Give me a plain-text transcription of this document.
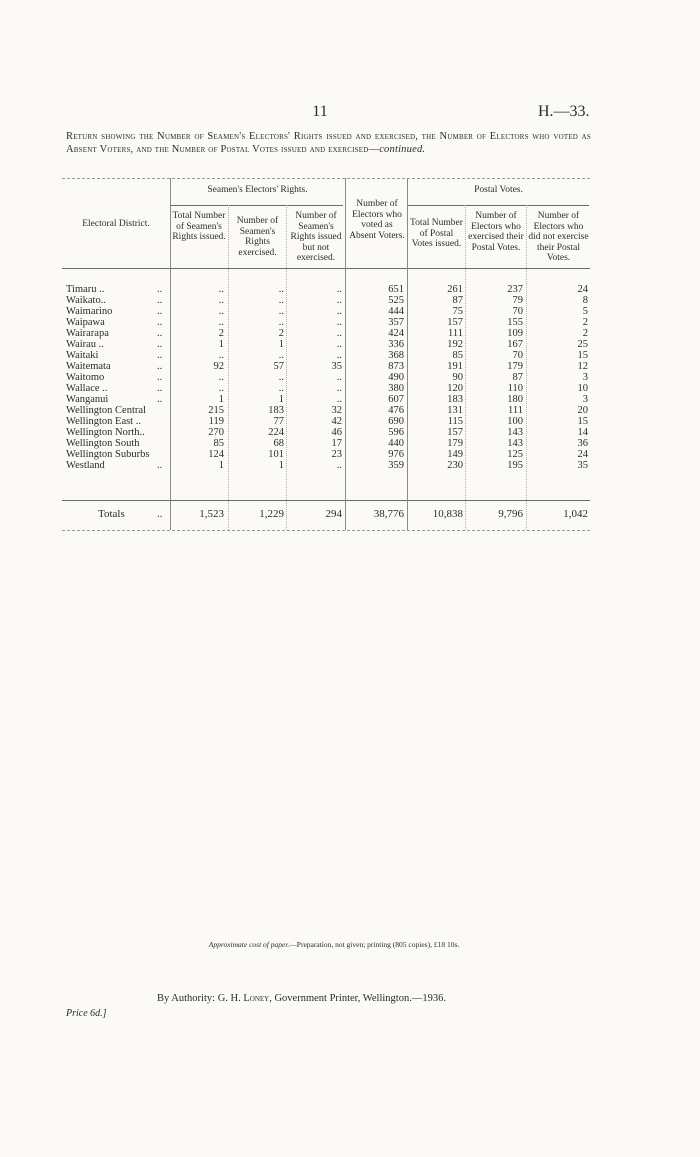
11	H.—33.
Return showing the Number of Seamen's Electors' Rights issued and exercised, the Number of Electors who voted as Absent Voters, and the Number of Postal Votes issued and exercised—continued.
Seamen's Electors' Rights.	Postal Votes.
Electoral District.
Total Number of Seamen's Rights issued.
Number of Seamen's Rights exercised.
Number of Seamen's Rights issued but not exercised.
Number of Electors who voted as Absent Voters.
Total Number of Postal Votes issued.
Number of Electors who exercised their Postal Votes.
Number of Electors who did not exercise their Postal Votes.
Timaru ..	..	..	..	..	651	261	237	24
Waikato..	..	..	..	..	525	87	79	8
Waimarino	..	..	..	..	444	75	70	5
Waipawa	..	..	..	..	357	157	155	2
Wairarapa	..	2	2	..	424	111	109	2
Wairau ..	..	1	1	..	336	192	167	25
Waitaki	..	..	..	..	368	85	70	15
Waitemata	..	92	57	35	873	191	179	12
Waitomo	..	..	..	..	490	90	87	3
Wallace ..	..	..	..	..	380	120	110	10
Wanganui	..	1	1	..	607	183	180	3
Wellington Central	215	183	32	476	131	111	20
Wellington East ..	119	77	42	690	115	100	15
Wellington North..	270	224	46	596	157	143	14
Wellington South	85	68	17	440	179	143	36
Wellington Suburbs	124	101	23	976	149	125	24
Westland	..	1	1	..	359	230	195	35
Totals	..	1,523	1,229	294	38,776	10,838	9,796	1,042
Approximate cost of paper.—Preparation, not given; printing (805 copies), £18 10s.
By Authority: G. H. Loney, Government Printer, Wellington.—1936.
Price 6d.]
